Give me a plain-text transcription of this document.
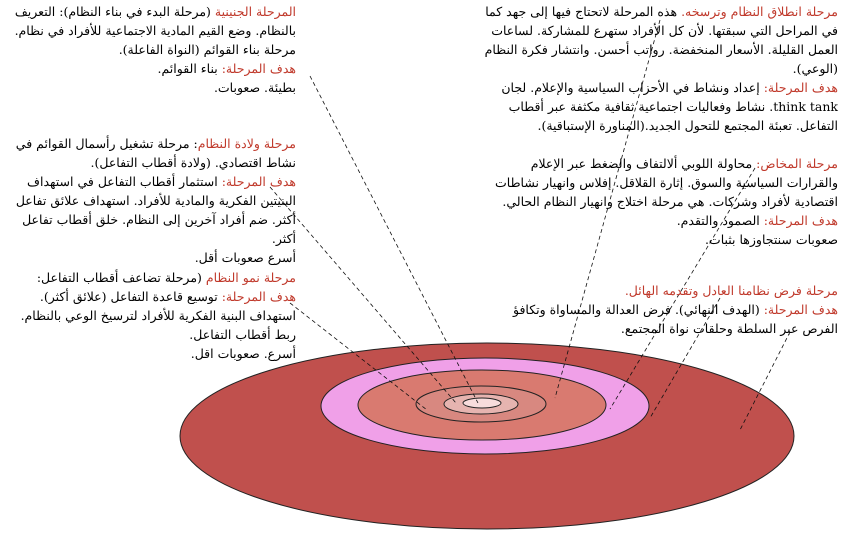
المرحلة الجنينية (مرحلة البدء في بناء النظام): التعريف بالنظام. وضع القيم المادية الاجتماعية للأفراد في نظام. مرحلة بناء القوائم (النواة الفاعلة).

هدف المرحلة: بناء القوائم.

بطيئة. صعوبات.

مرحلة ولادة النظام: مرحلة تشغيل رأسمال القوائم في نشاط اقتصادي. (ولادة أقطاب التفاعل).

هدف المرحلة: استثمار أقطاب التفاعل في استهداف البنيتين الفكرية والمادية للأفراد. استهداف علائق تفاعل أكثر. ضم أفراد آخرين إلى النظام. خلق أقطاب تفاعل أكثر.

أسرع صعوبات أقل.

مرحلة نمو النظام (مرحلة تضاعف أقطاب التفاعل:

هدف المرحلة: توسيع قاعدة التفاعل (علائق أكثر). استهداف البنية الفكرية للأفراد لترسيخ الوعي بالنظام. ربط أقطاب التفاعل.

أسرع. صعوبات اقل.

مرحلة انطلاق النظام وترسخه. هذه المرحلة لاتحتاج فيها إلى جهد كما في المراحل التي سبقتها. لأن كل الأفراد ستهرع للمشاركة. لساعات العمل القليلة. الأسعار المنخفضة. رواتب أحسن. وانتشار فكرة النظام (الوعي).

هدف المرحلة: إعداد ونشاط في الأحزاب السياسية والإعلام. لجان think tank. نشاط وفعاليات اجتماعية ثقافية مكثفة عبر أقطاب التفاعل. تعبئة المجتمع للتحول الجديد.(المناورة الإستباقية).

مرحلة المخاض: محاولة اللوبي ألالتفاف والضغط عبر الإعلام والقرارات السياسية والسوق. إثارة القلاقل. إفلاس وانهيار نشاطات اقتصادية لأفراد وشركات. هي مرحلة اختلاج وانهيار النظام الحالي.

هدف المرحلة: الصمود والتقدم.

صعوبات سنتجاوزها بثبات.

مرحلة فرض نظامنا العادل وتقدمه الهائل.

هدف المرحلة: (الهدف النهائي). فرض العدالة والمساواة وتكافؤ الفرص عبر السلطة وحلقات نواة المجتمع.
